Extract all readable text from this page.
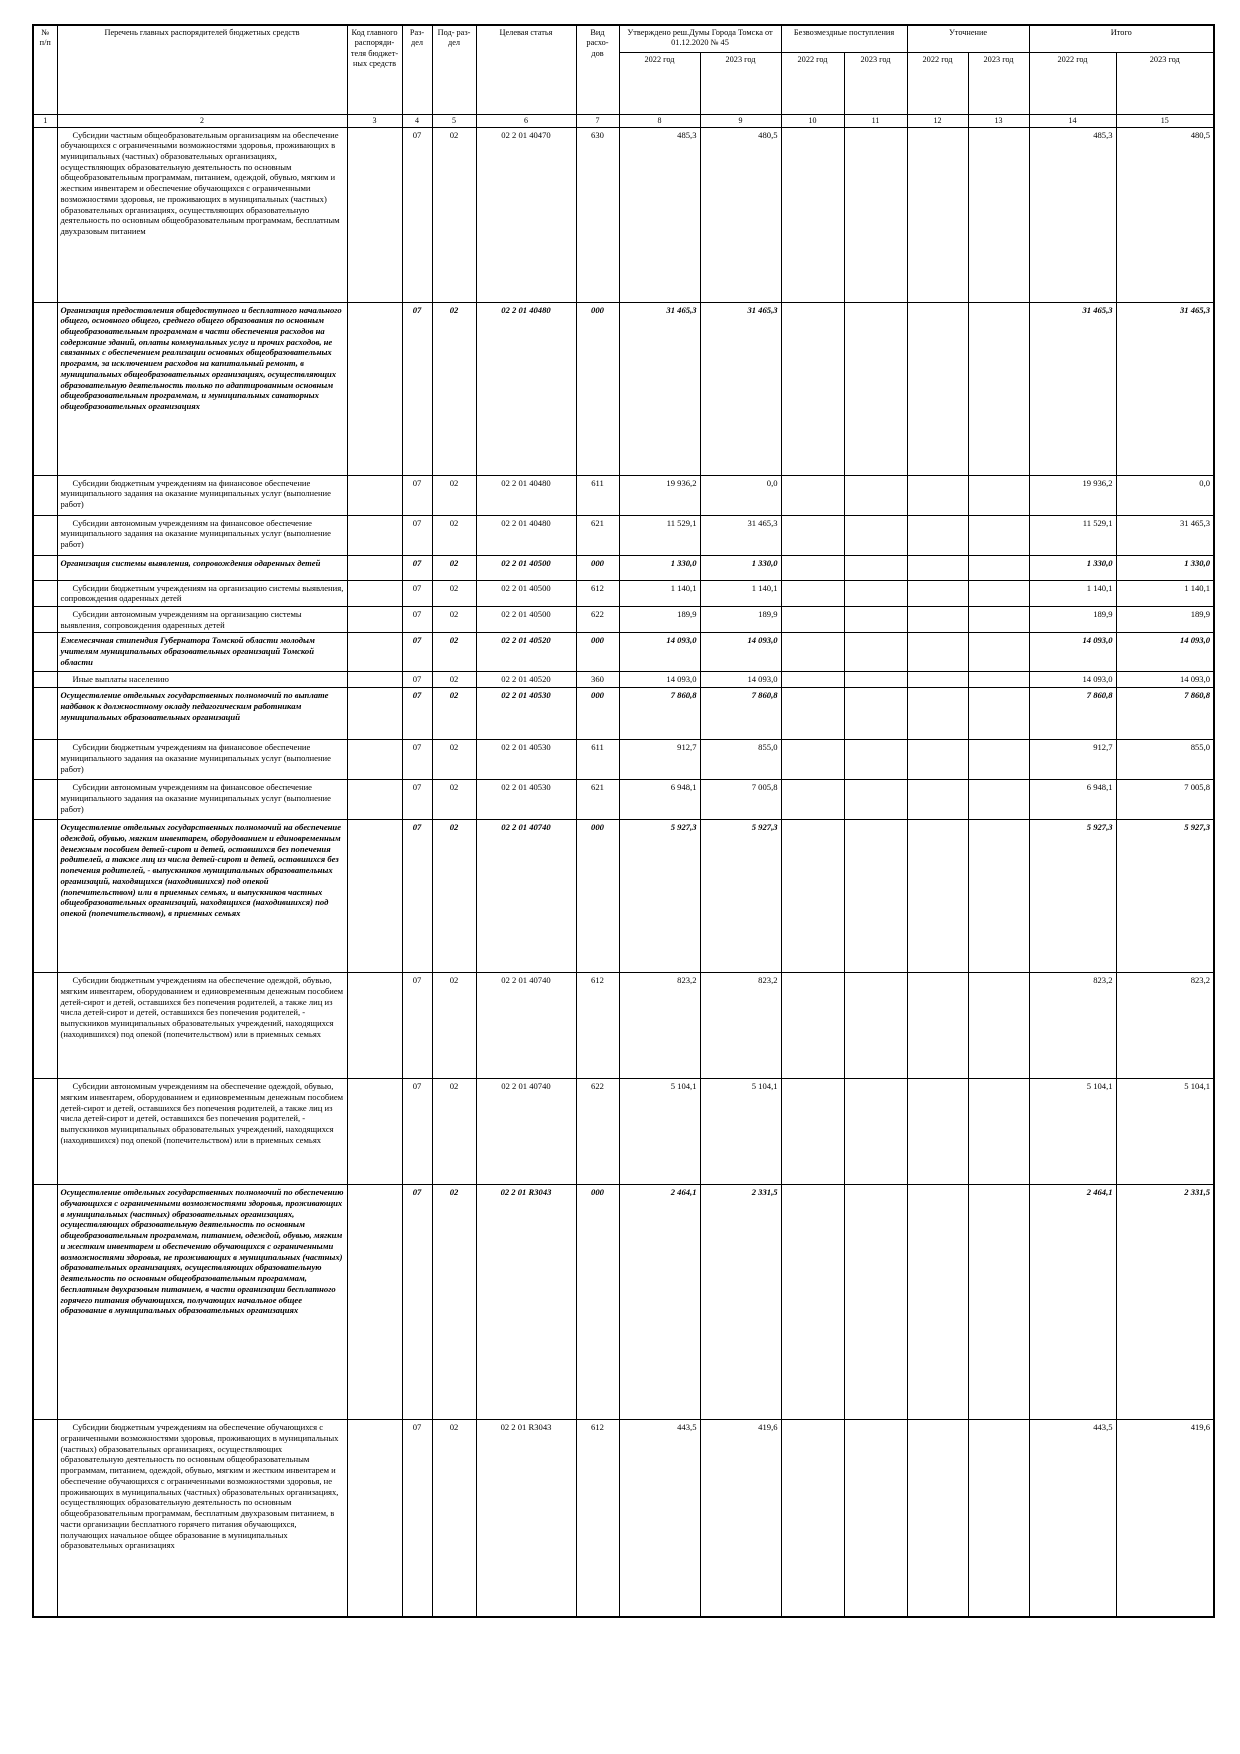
№ п/п	Перечень главных распорядителей бюджетных средств	Код главного распоряди- теля бюджет- ных средств	Раз- дел	Под- раз- дел	Целевая статья	Вид расхо- дов	Утверждено реш.Думы Города Томска от 01.12.2020 № 45		Безвозмездные поступления		Уточнение		Итого	
							2022 год	2023 год	2022 год	2023 год	2022 год	2023 год	2022 год	2023 год
1	2	3	4	5	6	7	8	9	10	11	12	13	14	15
	Субсидии частным общеобразовательным организациям на обеспечение обучающихся с ограниченными возможностями здоровья, проживающих в муниципальных (частных) образовательных организациях, осуществляющих образовательную деятельность по основным общеобразовательным программам, питанием, одеждой, обувью, мягким и жестким инвентарем и обеспечение обучающихся с ограниченными возможностями здоровья, не проживающих в муниципальных (частных) образовательных организациях, осуществляющих образовательную деятельность по основным общеобразовательным программам, бесплатным двухразовым питанием		07	02	02 2 01 40470	630	485,3	480,5					485,3	480,5
	Организация предоставления общедоступного и бесплатного начального общего, основного общего, среднего общего образования по основным общеобразовательным программам в части обеспечения расходов на содержание зданий, оплаты коммунальных услуг и прочих расходов, не связанных с обеспечением реализации основных общеобразовательных программ, за исключением расходов на капитальный ремонт, в муниципальных общеобразовательных организациях, осуществляющих образовательную деятельность только по адаптированным основным общеобразовательным программам, и муниципальных санаторных общеобразовательных организациях		07	02	02 2 01 40480	000	31 465,3	31 465,3					31 465,3	31 465,3
	Субсидии бюджетным учреждениям на финансовое обеспечение муниципального задания на оказание муниципальных услуг (выполнение работ)		07	02	02 2 01 40480	611	19 936,2	0,0					19 936,2	0,0
	Субсидии автономным учреждениям на финансовое обеспечение муниципального задания на оказание муниципальных услуг (выполнение работ)		07	02	02 2 01 40480	621	11 529,1	31 465,3					11 529,1	31 465,3
	Организация системы выявления, сопровождения одаренных детей		07	02	02 2 01 40500	000	1 330,0	1 330,0					1 330,0	1 330,0
	Субсидии бюджетным учреждениям на организацию системы выявления, сопровождения одаренных детей		07	02	02 2 01 40500	612	1 140,1	1 140,1					1 140,1	1 140,1
	Субсидии автономным учреждениям на организацию системы выявления, сопровождения одаренных детей		07	02	02 2 01 40500	622	189,9	189,9					189,9	189,9
	Ежемесячная стипендия Губернатора Томской области молодым учителям муниципальных образовательных организаций Томской области		07	02	02 2 01 40520	000	14 093,0	14 093,0					14 093,0	14 093,0
	Иные выплаты населению		07	02	02 2 01 40520	360	14 093,0	14 093,0					14 093,0	14 093,0
	Осуществление отдельных государственных полномочий по выплате надбавок к должностному окладу педагогическим работникам муниципальных образовательных организаций		07	02	02 2 01 40530	000	7 860,8	7 860,8					7 860,8	7 860,8
	Субсидии бюджетным учреждениям на финансовое обеспечение муниципального задания на оказание муниципальных услуг (выполнение работ)		07	02	02 2 01 40530	611	912,7	855,0					912,7	855,0
	Субсидии автономным учреждениям на финансовое обеспечение муниципального задания на оказание муниципальных услуг (выполнение работ)		07	02	02 2 01 40530	621	6 948,1	7 005,8					6 948,1	7 005,8
	Осуществление отдельных государственных полномочий на обеспечение одеждой, обувью, мягким инвентарем, оборудованием и единовременным денежным пособием детей-сирот и детей, оставшихся без попечения родителей, а также лиц из числа детей-сирот и детей, оставшихся без попечения родителей, - выпускников муниципальных образовательных организаций, находящихся (находившихся) под опекой (попечительством) или в приемных семьях, и выпускников частных общеобразовательных организаций, находящихся (находившихся) под опекой (попечительством), в приемных семьях		07	02	02 2 01 40740	000	5 927,3	5 927,3					5 927,3	5 927,3
	Субсидии бюджетным учреждениям на обеспечение одеждой, обувью, мягким инвентарем, оборудованием и единовременным денежным пособием детей-сирот и детей, оставшихся без попечения родителей, а также лиц из числа детей-сирот и детей, оставшихся без попечения родителей, - выпускников муниципальных образовательных учреждений, находящихся (находившихся) под опекой (попечительством) или в приемных семьях		07	02	02 2 01 40740	612	823,2	823,2					823,2	823,2
	Субсидии автономным учреждениям на обеспечение одеждой, обувью, мягким инвентарем, оборудованием и единовременным денежным пособием детей-сирот и детей, оставшихся без попечения родителей, а также лиц из числа детей-сирот и детей, оставшихся без попечения родителей, - выпускников муниципальных образовательных учреждений, находящихся (находившихся) под опекой (попечительством) или в приемных семьях		07	02	02 2 01 40740	622	5 104,1	5 104,1					5 104,1	5 104,1
	Осуществление отдельных государственных полномочий по обеспечению обучающихся с ограниченными возможностями здоровья, проживающих в муниципальных (частных) образовательных организациях, осуществляющих образовательную деятельность по основным общеобразовательным программам, питанием, одеждой, обувью, мягким и жестким инвентарем и обеспечению обучающихся с ограниченными возможностями здоровья, не проживающих в муниципальных (частных) образовательных организациях, осуществляющих образовательную деятельность по основным общеобразовательным программам, бесплатным двухразовым питанием, в части организации бесплатного горячего питания обучающихся, получающих начальное общее образование в муниципальных образовательных организациях		07	02	02 2 01 R3043	000	2 464,1	2 331,5					2 464,1	2 331,5
	Субсидии бюджетным учреждениям на обеспечение обучающихся с ограниченными возможностями здоровья, проживающих в муниципальных (частных) образовательных организациях, осуществляющих образовательную деятельность по основным общеобразовательным программам, питанием, одеждой, обувью, мягким и жестким инвентарем и обеспечение обучающихся с ограниченными возможностями здоровья, не проживающих в муниципальных (частных) образовательных организациях, осуществляющих образовательную деятельность по основным общеобразовательным программам, бесплатным двухразовым питанием, в части организации бесплатного горячего питания обучающихся, получающих начальное общее образование в муниципальных образовательных организациях		07	02	02 2 01 R3043	612	443,5	419,6					443,5	419,6
